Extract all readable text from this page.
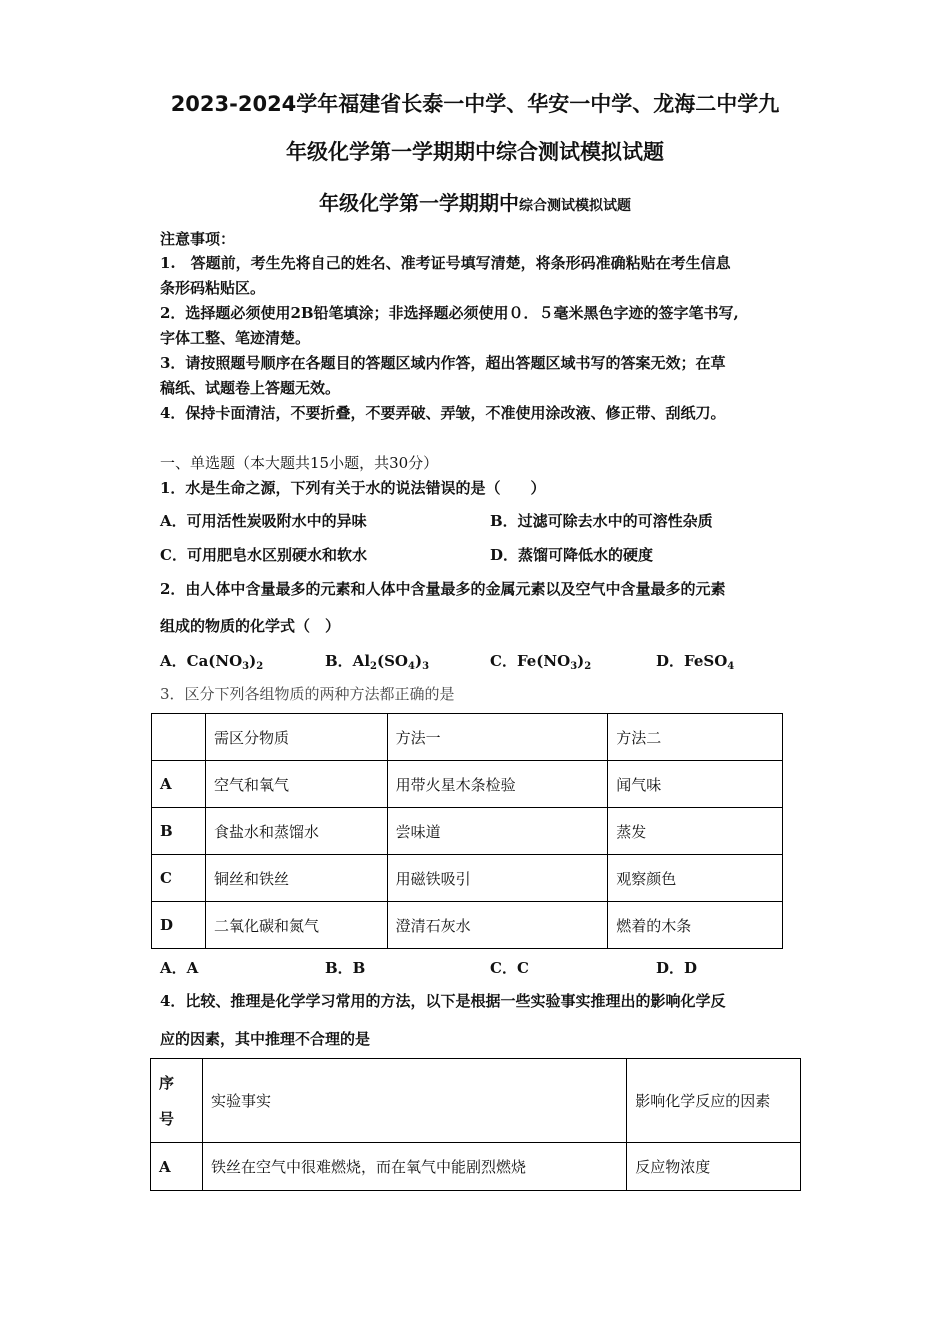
2023-2024学年福建省长泰一中学、华安一中学、龙海二中学九
年级化学第一学期期中综合测试模拟试题
年级化学第一学期期中综合测试模拟试题
注意事项：
1.　答题前，考生先将自己的姓名、准考证号填写清楚，将条形码准确粘贴在考生信息
条形码粘贴区。
2．选择题必须使用2B铅笔填涂；非选择题必须使用０．５毫米黑色字迹的签字笔书写,
字体工整、笔迹清楚。
3．请按照题号顺序在各题目的答题区域内作答，超出答题区域书写的答案无效；在草
稿纸、试题卷上答题无效。
4．保持卡面清洁，不要折叠，不要弄破、弄皱，不准使用涂改液、修正带、刮纸刀。
一、单选题（本大题共15小题，共30分）
1．水是生命之源，下列有关于水的说法错误的是（　　）
A．可用活性炭吸附水中的异味	B．过滤可除去水中的可溶性杂质
C．可用肥皂水区别硬水和软水	D．蒸馏可降低水的硬度
2．由人体中含量最多的元素和人体中含量最多的金属元素以及空气中含量最多的元素
组成的物质的化学式（　）
A．$Ca(NO_3)_2$	B．$Al_2(SO_4)_3$	C．$Fe(NO_3)_2$	D．FeSO$_4$
3．区分下列各组物质的两种方法都正确的是
	需区分物质	方法一	方法二
A	空气和氧气	用带火星木条检验	闻气味
B	食盐水和蒸馏水	尝味道	蒸发
C	铜丝和铁丝	用磁铁吸引	观察颜色
D	二氧化碳和氮气	澄清石灰水	燃着的木条
A．A	B．B	C．C	D．D
4．比较、推理是化学学习常用的方法，以下是根据一些实验事实推理出的影响化学反
应的因素，其中推理不合理的是
序
号	实验事实	影响化学反应的因素
A	铁丝在空气中很难燃烧，而在氧气中能剧烈燃烧	反应物浓度
